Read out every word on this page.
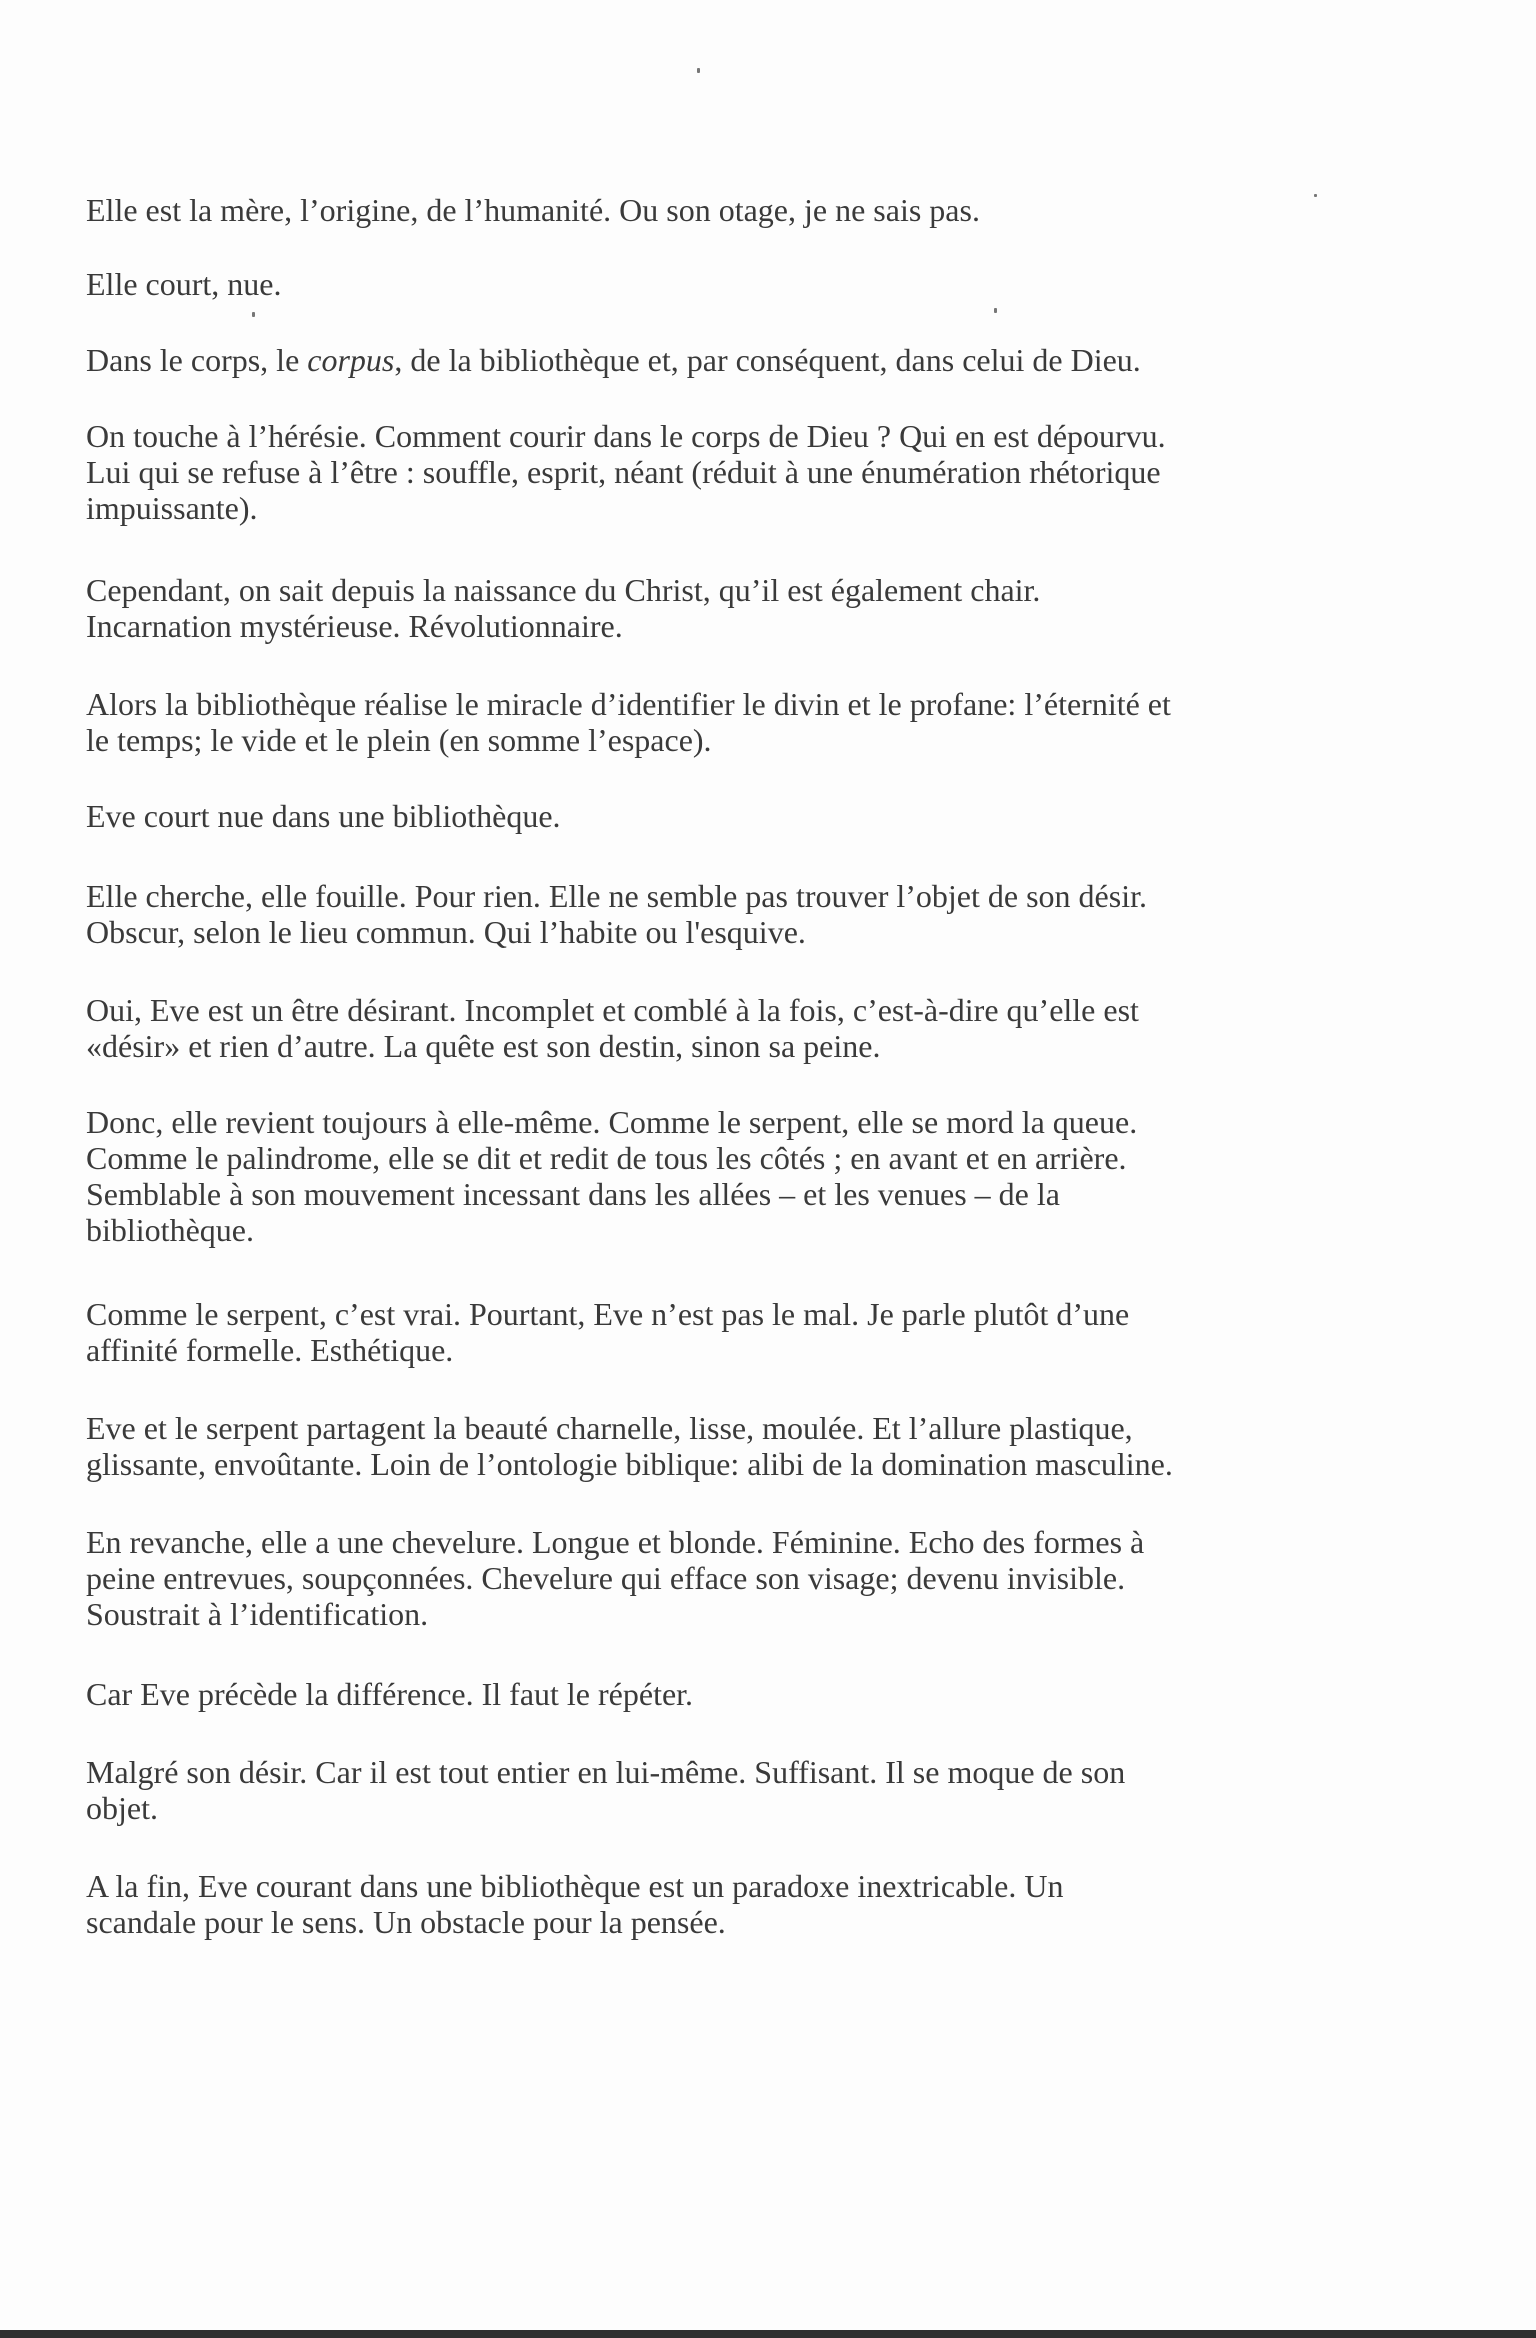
Elle est la mère, l’origine, de l’humanité. Ou son otage, je ne sais pas.

Elle court, nue.

Dans le corps, le corpus, de la bibliothèque et, par conséquent, dans celui de Dieu.

On touche à l’hérésie. Comment courir dans le corps de Dieu ? Qui en est dépourvu.
Lui qui se refuse à l’être : souffle, esprit, néant (réduit à une énumération rhétorique
impuissante).

Cependant, on sait depuis la naissance du Christ, qu’il est également chair.
Incarnation mystérieuse. Révolutionnaire.

Alors la bibliothèque réalise le miracle d’identifier le divin et le profane: l’éternité et
le temps; le vide et le plein (en somme l’espace).

Eve court nue dans une bibliothèque.

Elle cherche, elle fouille. Pour rien. Elle ne semble pas trouver l’objet de son désir.
Obscur, selon le lieu commun. Qui l’habite ou l'esquive.

Oui, Eve est un être désirant. Incomplet et comblé à la fois, c’est-à-dire qu’elle est
«désir» et rien d’autre. La quête est son destin, sinon sa peine.

Donc, elle revient toujours à elle-même. Comme le serpent, elle se mord la queue.
Comme le palindrome, elle se dit et redit de tous les côtés ; en avant et en arrière.
Semblable à son mouvement incessant dans les allées – et les venues – de la
bibliothèque.

Comme le serpent, c’est vrai. Pourtant, Eve n’est pas le mal. Je parle plutôt d’une
affinité formelle. Esthétique.

Eve et le serpent partagent la beauté charnelle, lisse, moulée. Et l’allure plastique,
glissante, envoûtante. Loin de l’ontologie biblique: alibi de la domination masculine.

En revanche, elle a une chevelure. Longue et blonde. Féminine. Echo des formes à
peine entrevues, soupçonnées. Chevelure qui efface son visage; devenu invisible.
Soustrait à l’identification.

Car Eve précède la différence. Il faut le répéter.

Malgré son désir. Car il est tout entier en lui-même. Suffisant. Il se moque de son
objet.

A la fin, Eve courant dans une bibliothèque est un paradoxe inextricable. Un
scandale pour le sens. Un obstacle pour la pensée.
